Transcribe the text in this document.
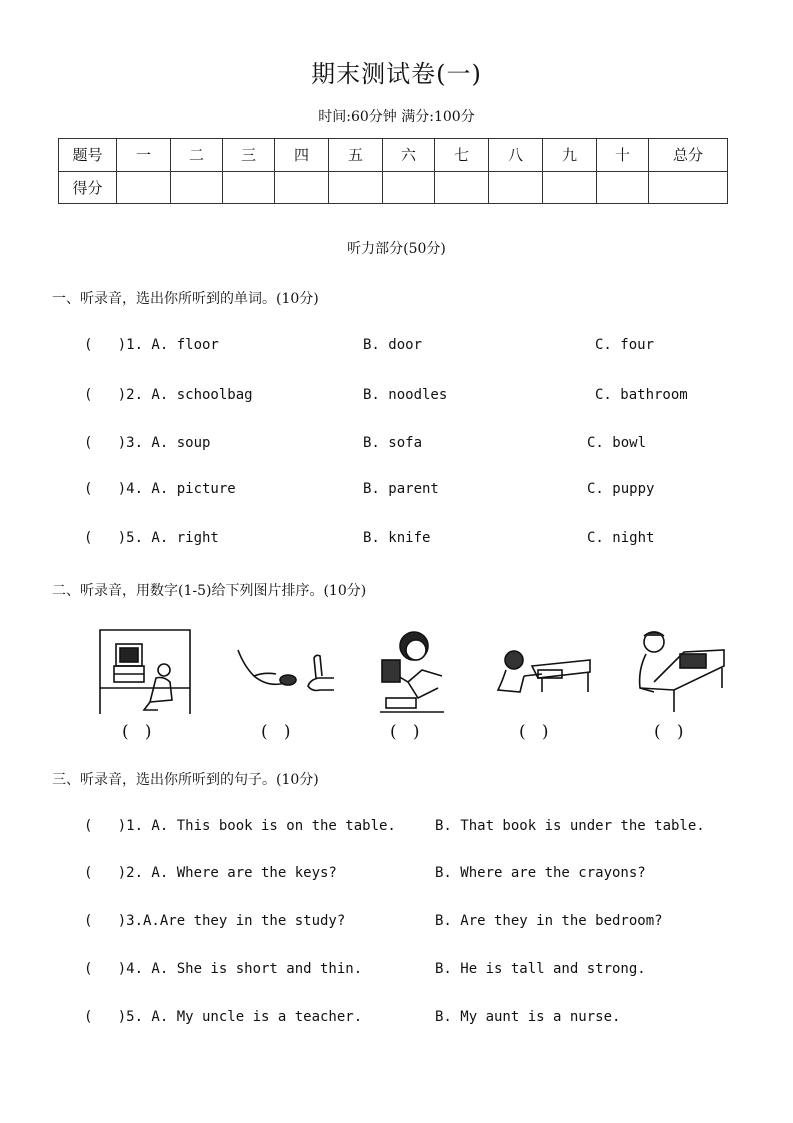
期末测试卷(一)
时间:60分钟 满分:100分
题号	一	二	三	四	五	六	七	八	九	十	总分
得分											
听力部分(50分)
一、听录音，选出你所听到的单词。(10分)
(   )1. A. floor	B. door	C. four
(   )2. A. schoolbag	B. noodles	C. bathroom
(   )3. A. soup	B. sofa	C. bowl
(   )4. A. picture	B. parent	C. puppy
(   )5. A. right	B. knife	C. night
二、听录音，用数字(1-5)给下列图片排序。(10分)
(   )	(   )	(   )	(   )	(   )
三、听录音，选出你所听到的句子。(10分)
(   )1. A. This book is on the table.	B. That book is under the table.
(   )2. A. Where are the keys?	B. Where are the crayons?
(   )3.A.Are they in the study?	B. Are they in the bedroom?
(   )4. A. She is short and thin.	B. He is tall and strong.
(   )5. A. My uncle is a teacher.	B. My aunt is a nurse.
